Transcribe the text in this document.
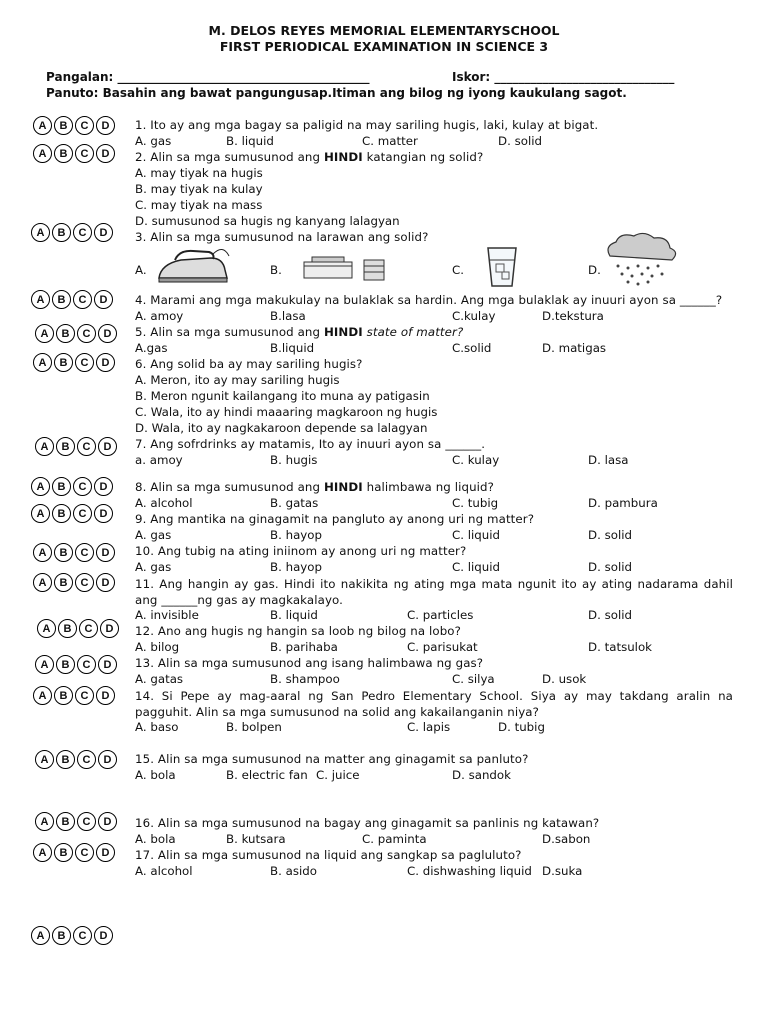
M. DELOS REYES MEMORIAL ELEMENTARYSCHOOL
FIRST PERIODICAL EXAMINATION IN SCIENCE 3
Pangalan: __________________________________________	Iskor: ______________________________
Panuto: Basahin ang bawat pangungusap.Itiman ang bilog ng iyong kaukulang sagot.
A	B	C	D
A	B	C	D
A	B	C	D
A	B	C	D
A	B	C	D
A	B	C	D
A	B	C	D
A	B	C	D
A	B	C	D
A	B	C	D
A	B	C	D
A	B	C	D
A	B	C	D
A	B	C	D
A	B	C	D
A	B	C	D
A	B	C	D
A	B	C	D
1. Ito ay ang mga bagay sa paligid na may sariling hugis, laki, kulay at bigat.
A. gas	B. liquid	C. matter	D. solid
2. Alin sa mga sumusunod ang HINDI katangian ng solid?
A. may tiyak na hugis
B. may tiyak na kulay
C. may tiyak na mass
D. sumusunod sa hugis ng kanyang lalagyan
3. Alin sa mga sumusunod na larawan ang solid?
A.	B.	C.	D.
4. Marami ang mga makukulay na bulaklak sa hardin. Ang mga bulaklak ay inuuri ayon sa ______?
A. amoy	B.lasa	C.kulay	D.tekstura
5. Alin sa mga sumusunod ang HINDI state of matter?
A.gas	B.liquid	C.solid	D. matigas
6. Ang solid ba ay may sariling hugis?
A. Meron, ito ay may sariling hugis
B. Meron ngunit kailangang ito muna ay patigasin
C. Wala, ito ay hindi maaaring magkaroon ng hugis
D. Wala, ito ay nagkakaroon depende sa lalagyan
7. Ang sofrdrinks ay matamis, Ito ay inuuri ayon sa ______.
a. amoy	B. hugis	C. kulay	D. lasa
8. Alin sa mga sumusunod ang HINDI halimbawa ng liquid?
A. alcohol	B. gatas	C. tubig	D. pambura
9. Ang mantika na ginagamit na pangluto ay anong uri ng matter?
A. gas	B. hayop	C. liquid	D. solid
10. Ang tubig na ating iniinom ay anong uri ng matter?
A. gas	B. hayop	C. liquid	D. solid
11. Ang hangin ay gas. Hindi ito nakikita ng ating mga mata ngunit ito ay ating nadarama dahil ang ______ng gas ay magkakalayo.
A. invisible	B. liquid	C. particles	D. solid
12. Ano ang hugis ng hangin sa loob ng bilog na lobo?
A. bilog	B. parihaba	C. parisukat	D. tatsulok
13. Alin sa mga sumusunod ang isang halimbawa ng gas?
A. gatas	B. shampoo	C. silya	D. usok
14. Si Pepe ay mag-aaral ng San Pedro Elementary School. Siya ay may takdang aralin na pagguhit. Alin sa mga sumusunod na solid ang kakailanganin niya?
A. baso	B. bolpen	C. lapis	D. tubig
15. Alin sa mga sumusunod na matter ang ginagamit sa panluto?
A. bola	B. electric fan C. juice	D. sandok
16. Alin sa mga sumusunod na bagay ang ginagamit sa panlinis ng katawan?
A. bola	B. kutsara	C. paminta	D.sabon
17. Alin sa mga sumusunod na liquid ang sangkap sa pagluluto?
A. alcohol	B. asido	C. dishwashing liquid D.suka
